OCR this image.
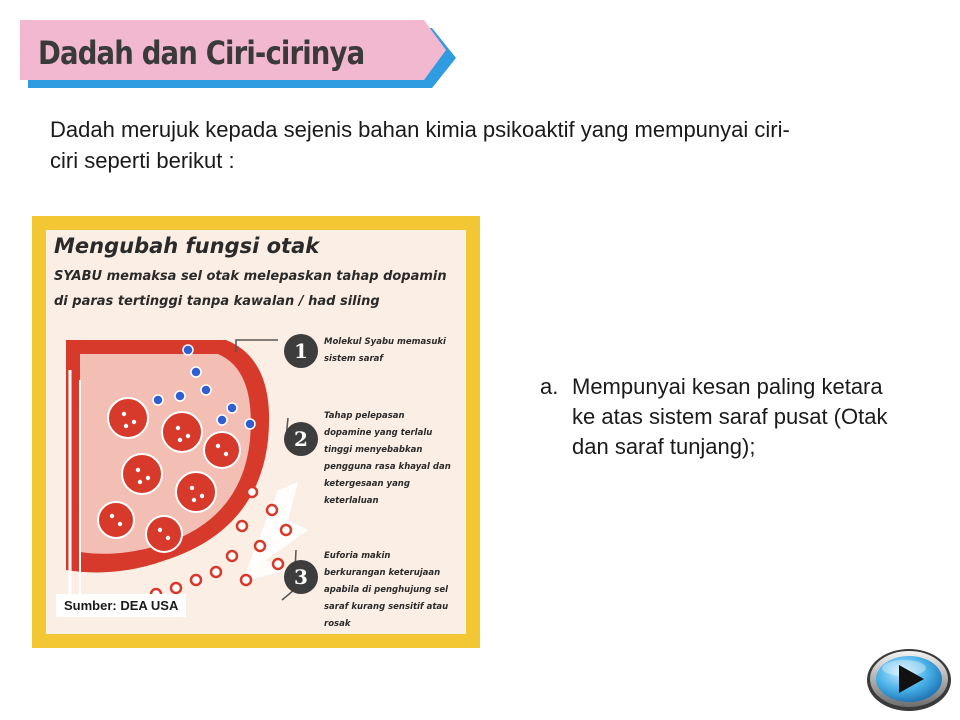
Dadah dan Ciri-cirinya
Dadah merujuk kepada sejenis bahan kimia psikoaktif yang mempunyai ciri-ciri seperti berikut :
Mengubah fungsi otak
SYABU memaksa sel otak melepaskan tahap dopamin di paras tertinggi tanpa kawalan / had siling
1	Molekul Syabu memasuki sistem saraf
2
Tahap pelepasan dopamine yang terlalu tinggi menyebabkan pengguna rasa khayal dan ketergesaan yang keterlaluan
3
Euforia makin berkurangan keterujaan apabila di penghujung sel saraf kurang sensitif atau rosak
Sumber: DEA USA
a. Mempunyai kesan paling ketara ke atas sistem saraf pusat (Otak dan saraf tunjang);
